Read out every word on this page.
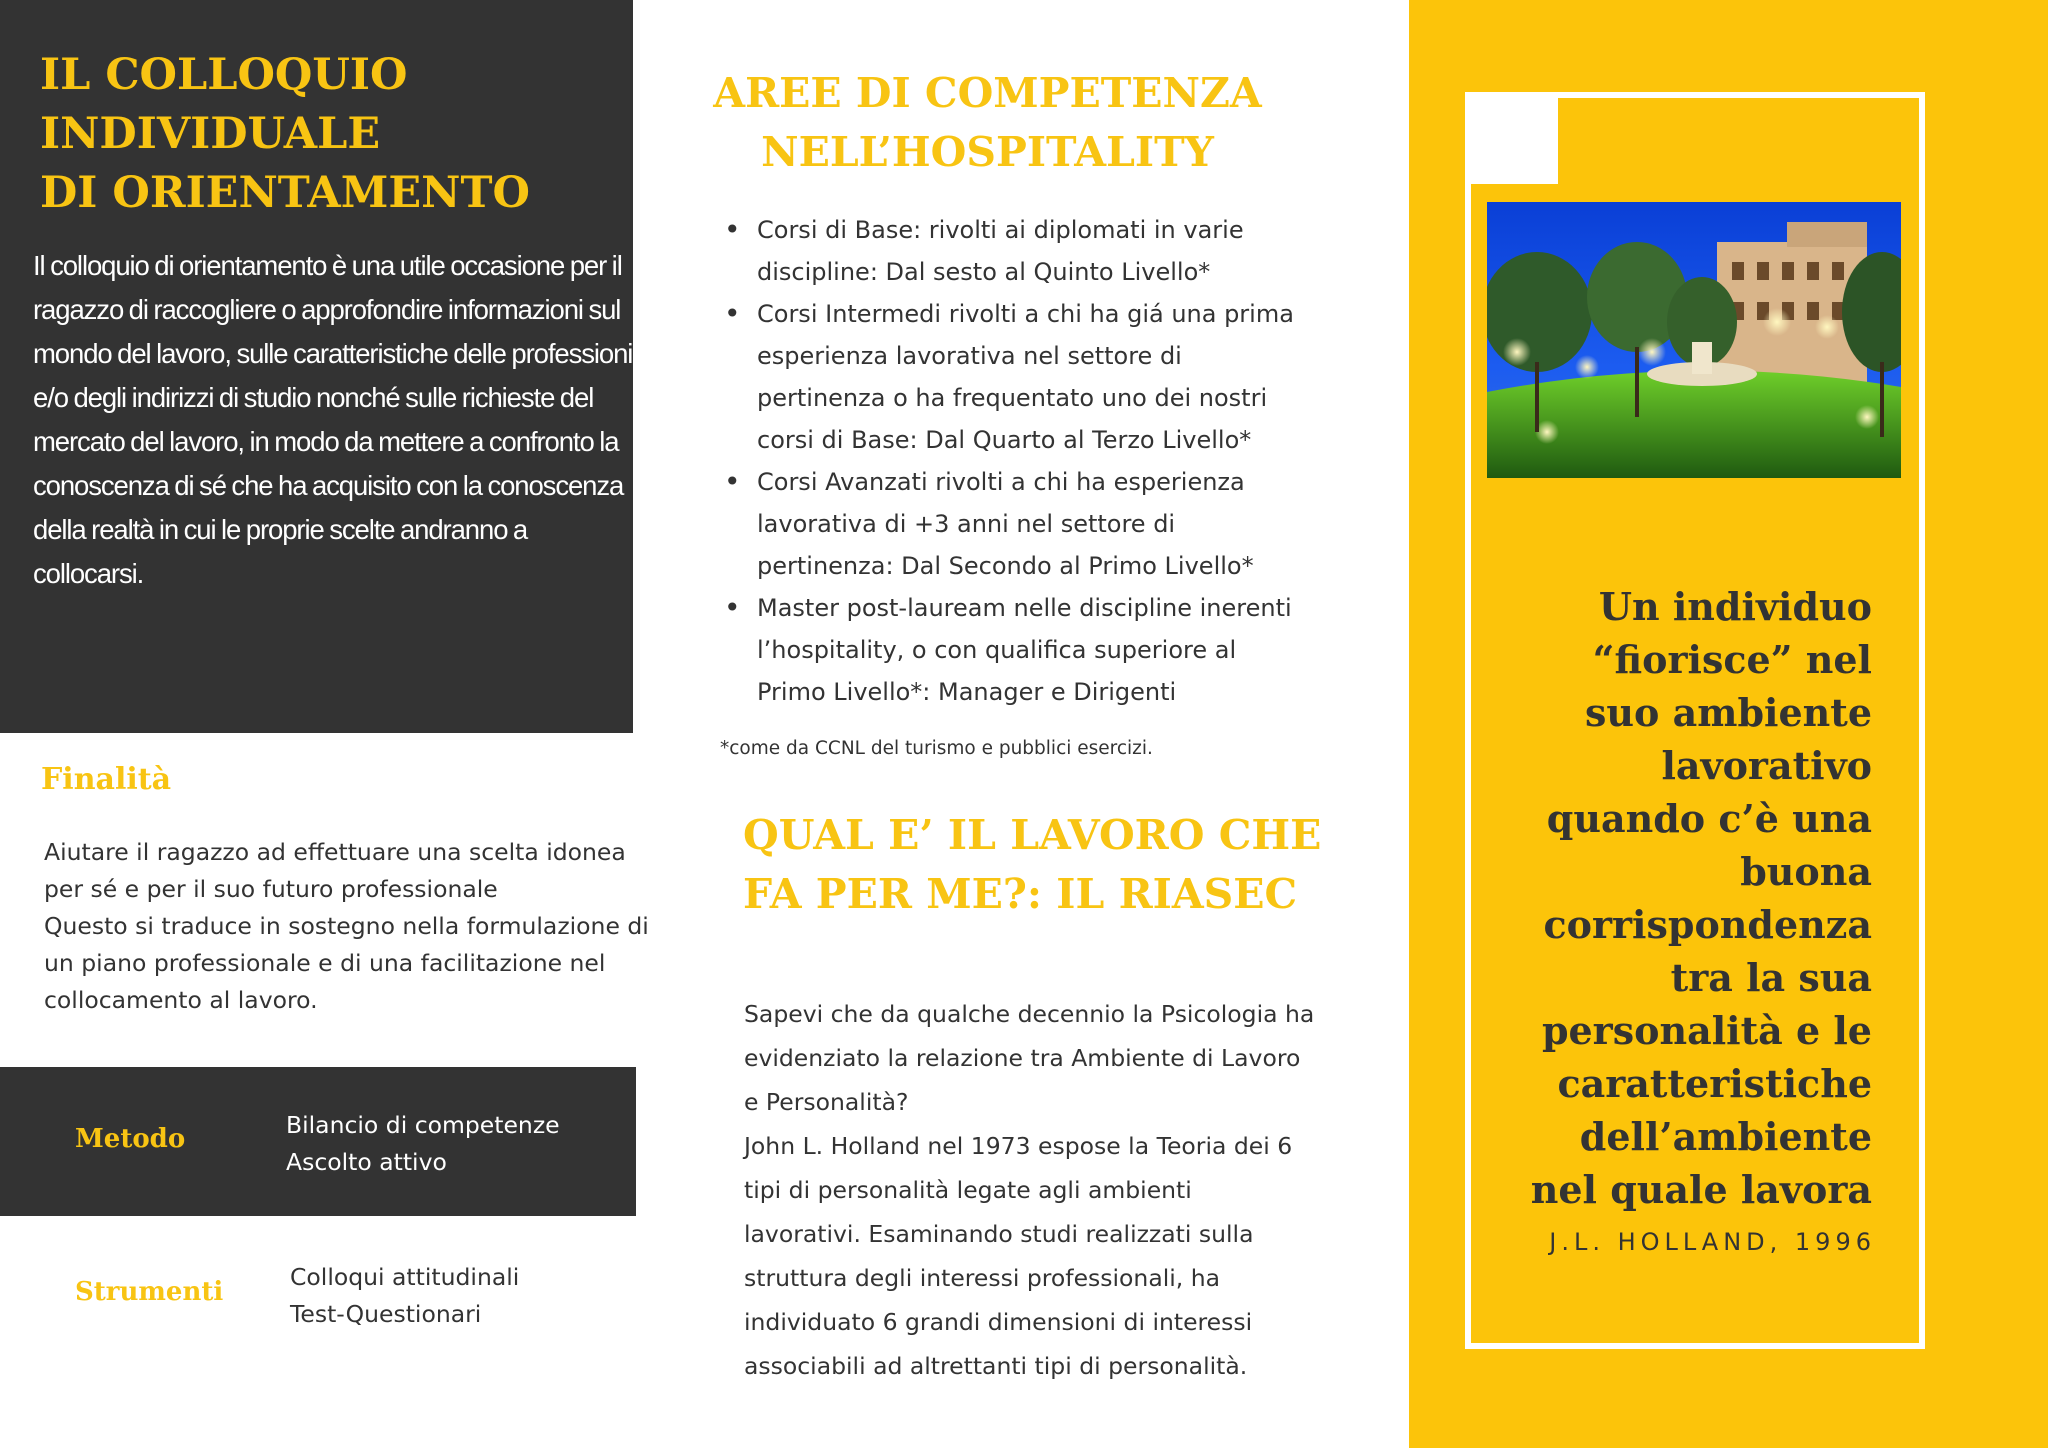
IL COLLOQUIO
INDIVIDUALE
DI ORIENTAMENTO

Il colloquio di orientamento è una utile occasione per il ragazzo di raccogliere o approfondire informazioni sul mondo del lavoro, sulle caratteristiche delle professioni e/o degli indirizzi di studio nonché sulle richieste del mercato del lavoro, in modo da mettere a confronto la conoscenza di sé che ha acquisito con la conoscenza della realtà in cui le proprie scelte andranno a collocarsi.

Finalità

Aiutare il ragazzo ad effettuare una scelta idonea
per sé e per il suo futuro professionale
Questo si traduce in sostegno nella formulazione di
un piano professionale e di una facilitazione nel
collocamento al lavoro.

Metodo	Bilancio di competenze
Ascolto attivo
Strumenti	Colloqui attitudinali
Test-Questionari
AREE DI COMPETENZA
NELL’HOSPITALITY
• Corsi di Base: rivolti ai diplomati in varie
discipline: Dal sesto al Quinto Livello*
• Corsi Intermedi rivolti a chi ha giá una prima
esperienza lavorativa nel settore di
pertinenza o ha frequentato uno dei nostri
corsi di Base: Dal Quarto al Terzo Livello*
• Corsi Avanzati rivolti a chi ha esperienza
lavorativa di +3 anni nel settore di
pertinenza: Dal Secondo al Primo Livello*
• Master post-lauream nelle discipline inerenti
l’hospitality, o con qualifica superiore al
Primo Livello*: Manager e Dirigenti

*come da CCNL del turismo e pubblici esercizi.

QUAL E’ IL LAVORO CHE
FA PER ME?: IL RIASEC

Sapevi che da qualche decennio la Psicologia ha
evidenziato la relazione tra Ambiente di Lavoro
e Personalità?
John L. Holland nel 1973 espose la Teoria dei 6
tipi di personalità legate agli ambienti
lavorativi. Esaminando studi realizzati sulla
struttura degli interessi professionali, ha
individuato 6 grandi dimensioni di interessi
associabili ad altrettanti tipi di personalità.

Un individuo
“fiorisce” nel
suo ambiente
lavorativo
quando c’è una
buona
corrispondenza
tra la sua
personalità e le
caratteristiche
dell’ambiente
nel quale lavora

J.L. HOLLAND, 1996
